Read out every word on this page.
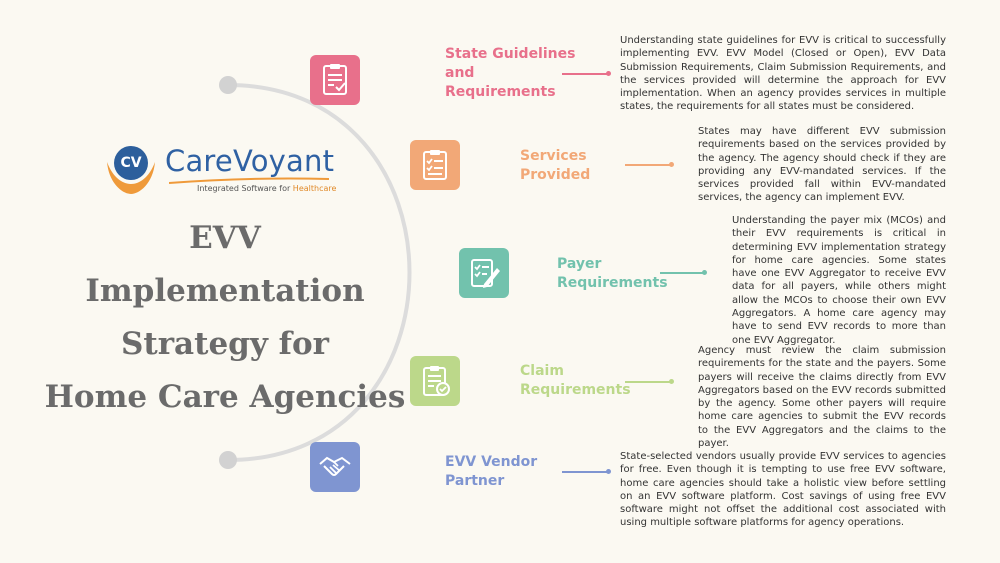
CV CareVoyant
Integrated Software for Healthcare
EVV
Implementation
Strategy for
Home Care Agencies
State Guidelines
and
Requirements
Understanding state guidelines for EVV is critical to successfully implementing EVV. EVV Model (Closed or Open), EVV Data Submission Requirements, Claim Submission Requirements, and the services provided will determine the approach for EVV implementation. When an agency provides services in multiple states, the requirements for all states must be considered.
Services
Provided
States may have different EVV submission requirements based on the services provided by the agency. The agency should check if they are providing any EVV-mandated services. If the services provided fall within EVV-mandated services, the agency can implement EVV.
Payer
Requirements
Understanding the payer mix (MCOs) and their EVV requirements is critical in determining EVV implementation strategy for home care agencies. Some states have one EVV Aggregator to receive EVV data for all payers, while others might allow the MCOs to choose their own EVV Aggregators. A home care agency may have to send EVV records to more than one EVV Aggregator.
Claim
Requirements
Agency must review the claim submission requirements for the state and the payers. Some payers will receive the claims directly from EVV Aggregators based on the EVV records submitted by the agency. Some other payers will require home care agencies to submit the EVV records to the EVV Aggregators and the claims to the payer.
EVV Vendor
Partner
State-selected vendors usually provide EVV services to agencies for free. Even though it is tempting to use free EVV software, home care agencies should take a holistic view before settling on an EVV software platform. Cost savings of using free EVV software might not offset the additional cost associated with using multiple software platforms for agency operations.
